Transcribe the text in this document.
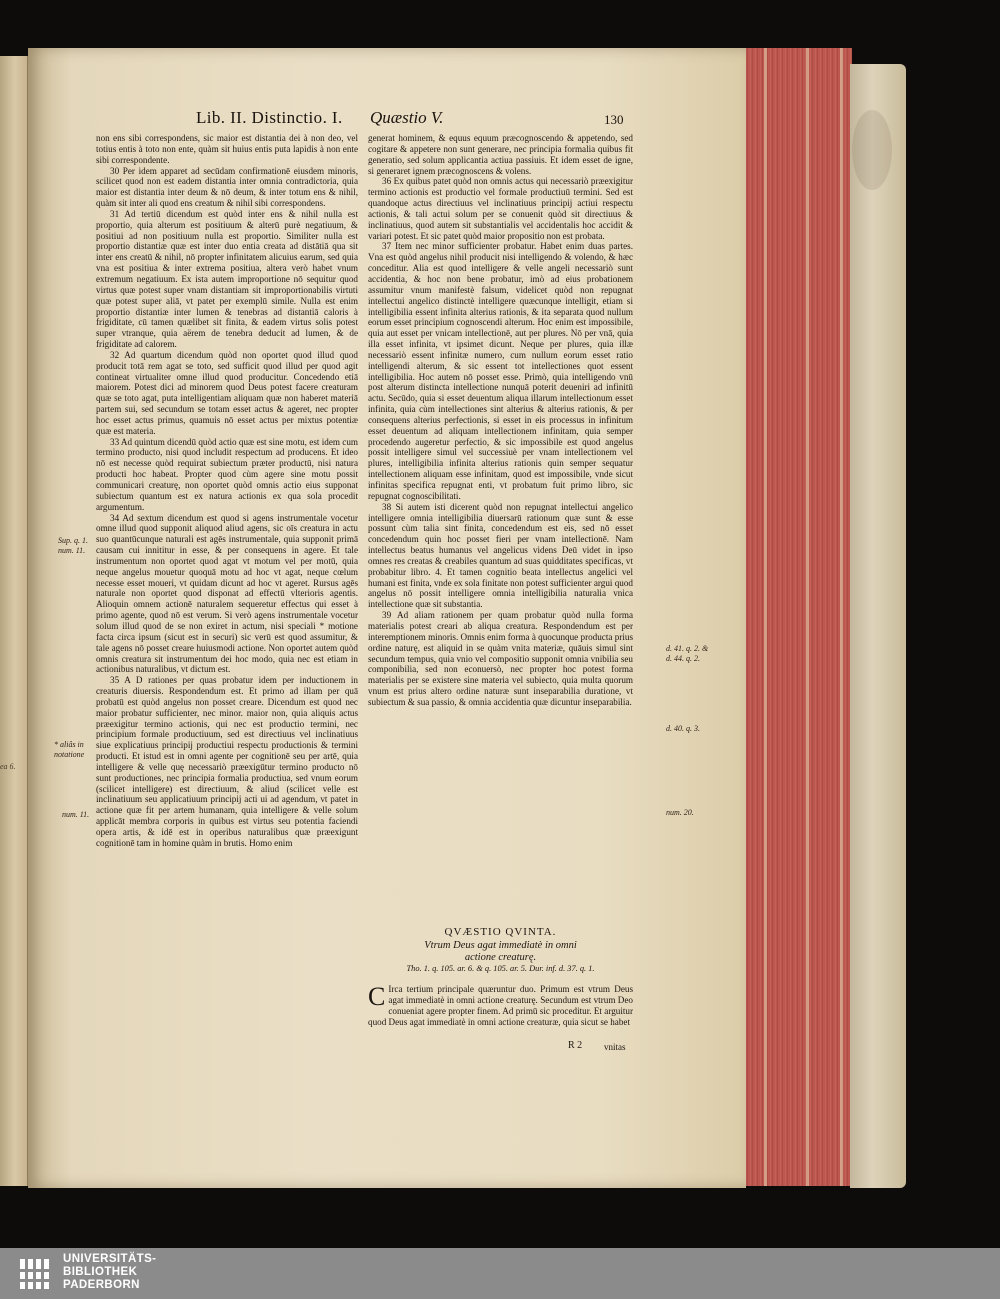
ea 6.
Lib. II. Distinctio. I. Quæstio V.	130

non ens sibi correspondens, sic maior est distantia dei à non deo, vel totius entis à toto non ente, quàm sit huius entis puta lapidis à non ente sibi correspondente.

30 Per idem apparet ad secūdam confirmationē eiusdem minoris, scilicet quod non est eadem distantia inter omnia contradictoria, quia maior est distantia inter deum & nō deum, & inter totum ens & nihil, quàm sit inter ali quod ens creatum & nihil sibi correspondens.

31 Ad tertiū dicendum est quòd inter ens & nihil nulla est proportio, quia alterum est positiuum & alterū purè negatiuum, & positiui ad non positiuum nulla est proportio. Similiter nulla est proportio distantiæ quæ est inter duo entia creata ad distātiā qua sit inter ens creatū & nihil, nō propter infinitatem alicuius earum, sed quia vna est positiua & inter extrema positiua, altera verò habet vnum extremum negatiuum. Ex ista autem improportione nō sequitur quod virtus quæ potest super vnam distantiam sit improportionabilis virtuti quæ potest super aliā, vt patet per exemplū simile. Nulla est enim proportio distantiæ inter lumen & tenebras ad distantiā caloris à frigiditate, cū tamen quælibet sit finita, & eadem virtus solis potest super vtranque, quia aërem de tenebra deducit ad lumen, & de frigiditate ad calorem.

32 Ad quartum dicendum quòd non oportet quod illud quod producit totā rem agat se toto, sed sufficit quod illud per quod agit contineat virtualiter omne illud quod producitur. Concedendo etiā maiorem. Potest dici ad minorem quod Deus potest facere creaturam quæ se toto agat, puta intelligentiam aliquam quæ non haberet materiā partem sui, sed secundum se totam esset actus & ageret, nec propter hoc esset actus primus, quamuis nō esset actus per mixtus potentiæ quæ est materia.

33 Ad quintum dicendū quòd actio quæ est sine motu, est idem cum termino producto, nisi quod includit respectum ad producens. Et ideo nō est necesse quòd requirat subiectum præter productū, nisi natura producti hoc habeat. Propter quod cùm agere sine motu possit communicari creaturę, non oportet quòd omnis actio eius supponat subiectum quantum est ex natura actionis ex qua sola procedit argumentum.

34 Ad sextum dicendum est quod si agens instrumentale vocetur omne illud quod supponit aliquod aliud agens, sic oīs creatura in actu suo quantūcunque naturali est agēs instrumentale, quia supponit primā causam cui innititur in esse, & per consequens in agere. Et tale instrumentum non oportet quod agat vt motum vel per motū, quia neque angelus mouetur quoquā motu ad hoc vt agat, neque cœlum necesse esset moueri, vt quidam dicunt ad hoc vt ageret. Rursus agēs naturale non oportet quod disponat ad effectū vlterioris agentis. Alioquin omnem actionē naturalem sequeretur effectus qui esset à primo agente, quod nō est verum. Si verò agens instrumentale vocetur solum illud quod de se non exiret in actum, nisi speciali * motione facta circa ipsum (sicut est in securi) sic verū est quod assumitur, & tale agens nō posset creare huiusmodi actione. Non oportet autem quòd omnis creatura sit instrumentum dei hoc modo, quia nec est etiam in actionibus naturalibus, vt dictum est.

35 A D rationes per quas probatur idem per inductionem in creaturis diuersis. Respondendum est. Et primo ad illam per quā probatū est quòd angelus non posset creare. Dicendum est quod nec maior probatur sufficienter, nec minor. maior non, quia aliquis actus præexigitur termino actionis, qui nec est productio termini, nec principium formale productiuum, sed est directiuus vel inclinatiuus siue explicatiuus principij productiui respectu productionis & termini producti. Et istud est in omni agente per cognitionē seu per artē, quia intelligere & velle quę necessariò præexigūtur termino producto nō sunt productiones, nec principia formalia productiua, sed vnum eorum (scilicet intelligere) est directiuum, & aliud (scilicet velle est inclinatiuum seu applicatiuum principij acti ui ad agendum, vt patet in actione quæ fit per artem humanam, quia intelligere & velle solum applicāt membra corporis in quibus est virtus seu potentia faciendi opera artis, & idē est in operibus naturalibus quæ præexigunt cognitionē tam in homine quàm in brutis. Homo enim

generat hominem, & equus equum præcognoscendo & appetendo, sed cogitare & appetere non sunt generare, nec principia formalia quibus fit generatio, sed solum applicantia actiua passiuis. Et idem esset de igne, si generaret ignem præcognoscens & volens.

36 Ex quibus patet quòd non omnis actus qui necessariò præexigitur termino actionis est productio vel formale productiuū termini. Sed est quandoque actus directiuus vel inclinatiuus principij actiui respectu actionis, & tali actui solum per se conuenit quòd sit directiuus & inclinatiuus, quod autem sit substantialis vel accidentalis hoc accidit & variari potest. Et sic patet quòd maior propositio non est probata.

37 Item nec minor sufficienter probatur. Habet enim duas partes. Vna est quòd angelus nihil producit nisi intelligendo & volendo, & hæc conceditur. Alia est quod intelligere & velle angeli necessariò sunt accidentia, & hoc non bene probatur, imò ad eius probationem assumitur vnum manifestè falsum, videlicet quòd non repugnat intellectui angelico distinctè intelligere quæcunque intelligit, etiam si intelligibilia essent infinita alterius rationis, & ita separata quod nullum eorum esset principium cognoscendi alterum. Hoc enim est impossibile, quia aut esset per vnicam intellectionē, aut per plures. Nō per vnā, quia illa esset infinita, vt ipsimet dicunt. Neque per plures, quia illæ necessariò essent infinitæ numero, cum nullum eorum esset ratio intelligendi alterum, & sic essent tot intellectiones quot essent intelligibilia. Hoc autem nō posset esse. Primò, quia intelligendo vnū post alterum distincta intellectione nunquā poterit deueniri ad infinitū actu. Secūdo, quia si esset deuentum aliqua illarum intellectionum esset infinita, quia cùm intellectiones sint alterius & alterius rationis, & per consequens alterius perfectionis, si esset in eis processus in infinitum esset deuentum ad aliquam intellectionem infinitam, quia semper procedendo augeretur perfectio, & sic impossibile est quod angelus possit intelligere simul vel successiuè per vnam intellectionem vel plures, intelligibilia infinita alterius rationis quin semper sequatur intellectionem aliquam esse infinitam, quod est impossibile, vnde sicut infinitas specifica repugnat enti, vt probatum fuit primo libro, sic repugnat cognoscibilitati.

38 Si autem isti dicerent quòd non repugnat intellectui angelico intelligere omnia intelligibilia diuersarū rationum quæ sunt & esse possunt cùm talia sint finita, concedendum est eis, sed nō esset concedendum quin hoc posset fieri per vnam intellectionē. Nam intellectus beatus humanus vel angelicus videns Deū videt in ipso omnes res creatas & creabiles quantum ad suas quidditates specificas, vt probabitur libro. 4. Et tamen cognitio beata intellectus angelici vel humani est finita, vnde ex sola finitate non potest sufficienter argui quod angelus nō possit intelligere omnia intelligibilia naturalia vnica intellectione quæ sit substantia.

39 Ad aliam rationem per quam probatur quòd nulla forma materialis potest creari ab aliqua creatura. Respondendum est per interemptionem minoris. Omnis enim forma à quocunque producta prius ordine naturę, est aliquid in se quàm vnita materiæ, quāuis simul sint secundum tempus, quia vnio vel compositio supponit omnia vnibilia seu componibilia, sed non econuersò, nec propter hoc potest forma materialis per se existere sine materia vel subiecto, quia multa quorum vnum est prius altero ordine naturæ sunt inseparabilia duratione, vt subiectum & sua passio, & omnia accidentia quæ dicuntur inseparabilia.

QVÆSTIO QVINTA.
Vtrum Deus agat immediatè in omni
actione creaturę.
Tho. 1. q. 105. ar. 6. & q. 105. ar. 5. Dur. inf. d. 37. q. 1.
C Irca tertium principale quæruntur duo. Primum est vtrum Deus agat immediatè in omni actione creaturę. Secundum est vtrum Deo conueniat agere propter finem. Ad primū sic proceditur. Et arguitur quod Deus agat immediatè in omni actione creaturæ, quia sicut se habet
R 2 vnitas
Sup. q. 1. num. 11.
* aliâs in notatione
num. 11.
d. 41. q. 2. & d. 44. q. 2.
d. 40. q. 3.
num. 20.
UNIVERSITÄTS-
BIBLIOTHEK
PADERBORN
